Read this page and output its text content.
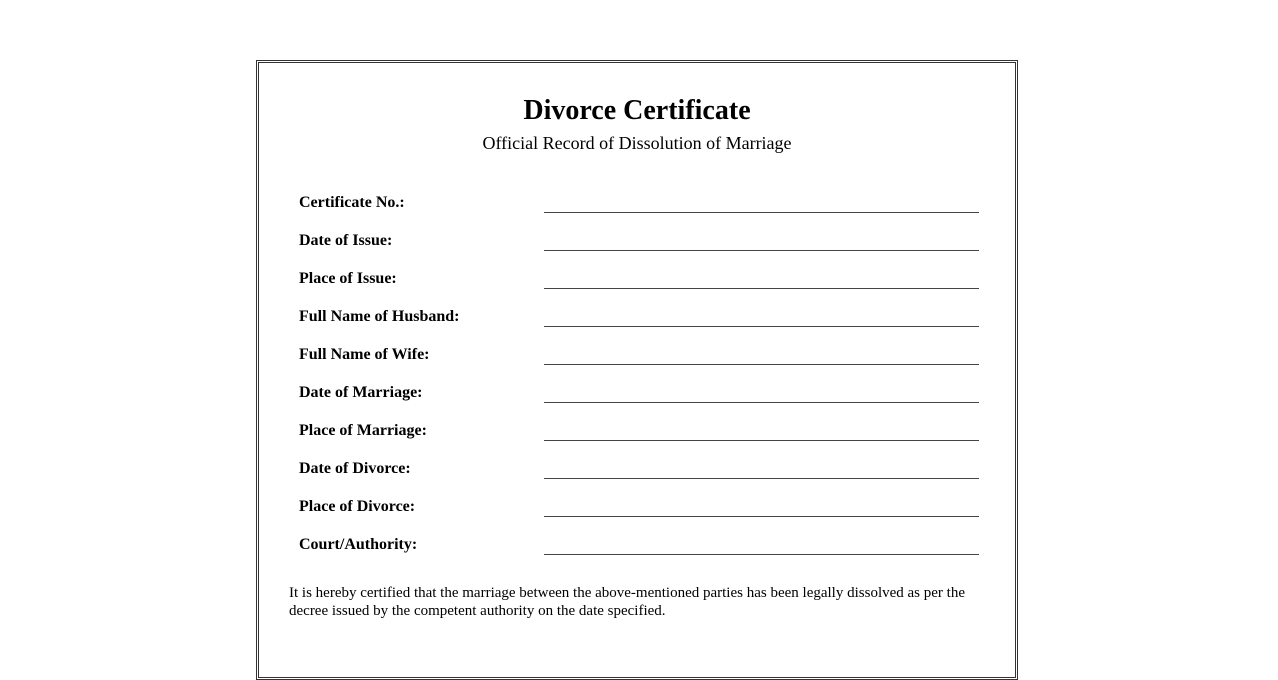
Divorce Certificate

Official Record of Dissolution of Marriage

Certificate No.:
Date of Issue:
Place of Issue:
Full Name of Husband:
Full Name of Wife:
Date of Marriage:
Place of Marriage:
Date of Divorce:
Place of Divorce:
Court/Authority:

It is hereby certified that the marriage between the above-mentioned parties has been legally dissolved as per the decree issued by the competent authority on the date specified.
